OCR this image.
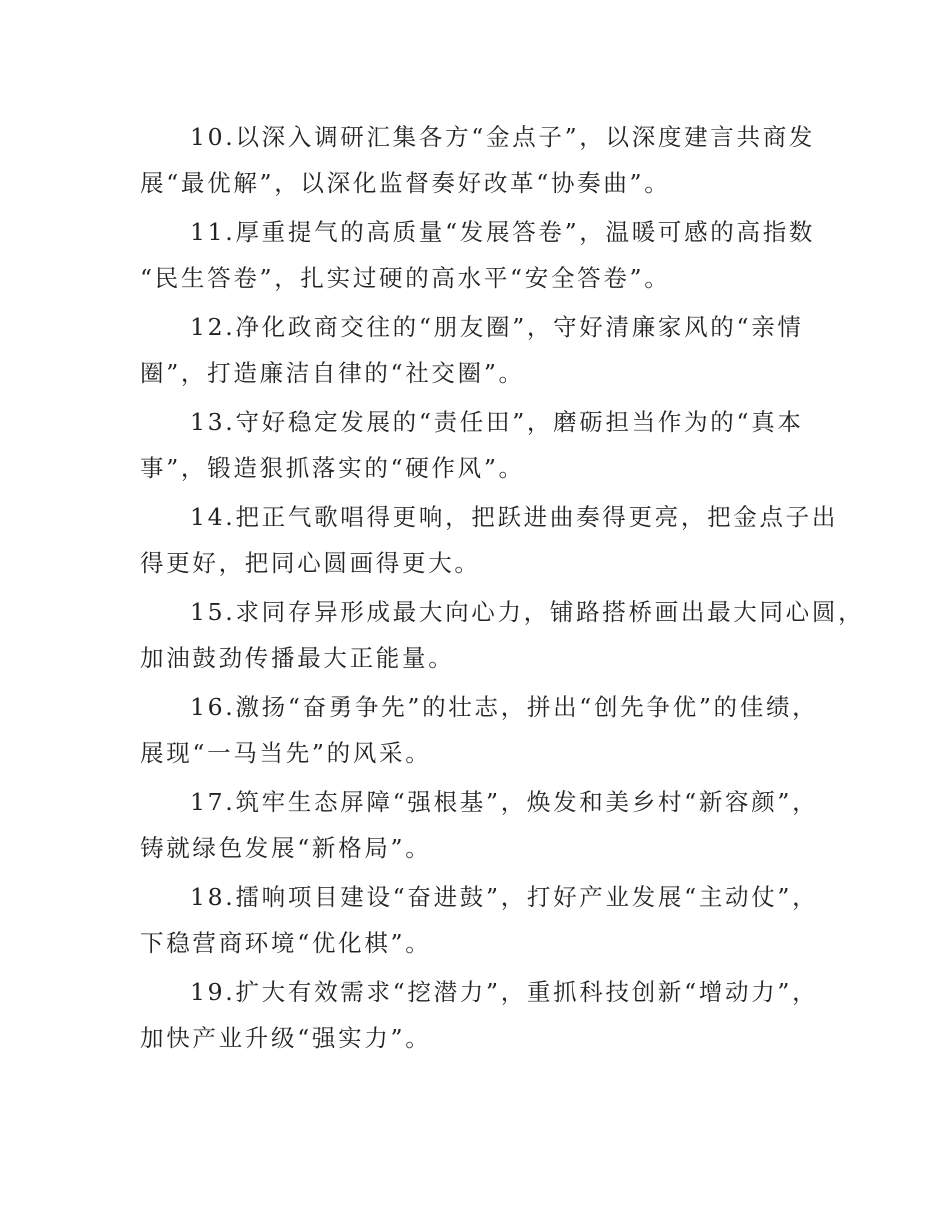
10.以深入调研汇集各方“金点子”，以深度建言共商发
展“最优解”，以深化监督奏好改革“协奏曲”。
11.厚重提气的高质量“发展答卷”，温暖可感的高指数
“民生答卷”，扎实过硬的高水平“安全答卷”。
12.净化政商交往的“朋友圈”，守好清廉家风的“亲情
圈”，打造廉洁自律的“社交圈”。
13.守好稳定发展的“责任田”，磨砺担当作为的“真本
事”，锻造狠抓落实的“硬作风”。
14.把正气歌唱得更响，把跃进曲奏得更亮，把金点子出
得更好，把同心圆画得更大。
15.求同存异形成最大向心力，铺路搭桥画出最大同心圆，
加油鼓劲传播最大正能量。
16.激扬“奋勇争先”的壮志，拼出“创先争优”的佳绩，
展现“一马当先”的风采。
17.筑牢生态屏障“强根基”，焕发和美乡村“新容颜”，
铸就绿色发展“新格局”。
18.擂响项目建设“奋进鼓”，打好产业发展“主动仗”，
下稳营商环境“优化棋”。
19.扩大有效需求“挖潜力”，重抓科技创新“增动力”，
加快产业升级“强实力”。
